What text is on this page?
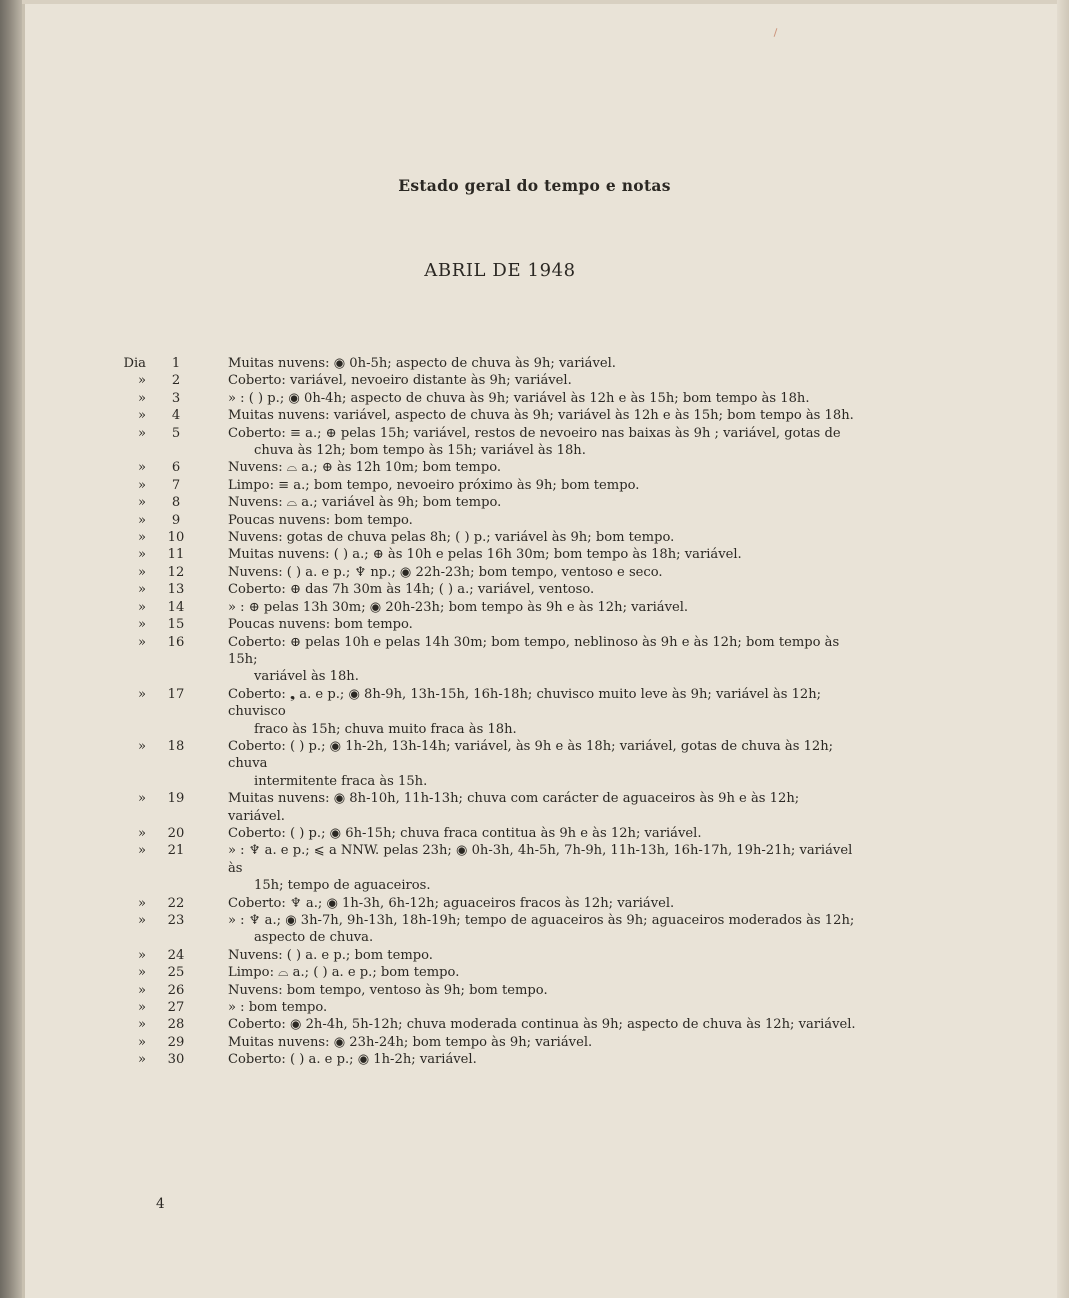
Estado geral do tempo e notas
ABRIL DE 1948
Dia	1	Muitas nuvens: ◉ 0h-5h; aspecto de chuva às 9h; variável.
»	2	Coberto: variável, nevoeiro distante às 9h; variável.
»	3	» : ( ) p.; ◉ 0h-4h; aspecto de chuva às 9h; variável às 12h e às 15h; bom tempo às 18h.
»	4	Muitas nuvens: variável, aspecto de chuva às 9h; variável às 12h e às 15h; bom tempo às 18h.
»	5	Coberto: ≡ a.; ⊕ pelas 15h; variável, restos de nevoeiro nas baixas às 9h ; variável, gotas de
chuva às 12h; bom tempo às 15h; variável às 18h.
»	6	Nuvens: ⌓ a.; ⊕ às 12h 10m; bom tempo.
»	7	Limpo: ≡ a.; bom tempo, nevoeiro próximo às 9h; bom tempo.
»	8	Nuvens: ⌓ a.; variável às 9h; bom tempo.
»	9	Poucas nuvens: bom tempo.
»	10	Nuvens: gotas de chuva pelas 8h; ( ) p.; variável às 9h; bom tempo.
»	11	Muitas nuvens: ( ) a.; ⊕ às 10h e pelas 16h 30m; bom tempo às 18h; variável.
»	12	Nuvens: ( ) a. e p.; ♆ np.; ◉ 22h-23h; bom tempo, ventoso e seco.
»	13	Coberto: ⊕ das 7h 30m às 14h; ( ) a.; variável, ventoso.
»	14	» : ⊕ pelas 13h 30m; ◉ 20h-23h; bom tempo às 9h e às 12h; variável.
»	15	Poucas nuvens: bom tempo.
»	16	Coberto: ⊕ pelas 10h e pelas 14h 30m; bom tempo, neblinoso às 9h e às 12h; bom tempo às 15h;
variável às 18h.
»	17	Coberto: ❟ a. e p.; ◉ 8h-9h, 13h-15h, 16h-18h; chuvisco muito leve às 9h; variável às 12h; chuvisco
fraco às 15h; chuva muito fraca às 18h.
»	18	Coberto: ( ) p.; ◉ 1h-2h, 13h-14h; variável, às 9h e às 18h; variável, gotas de chuva às 12h; chuva
intermitente fraca às 15h.
»	19	Muitas nuvens: ◉ 8h-10h, 11h-13h; chuva com carácter de aguaceiros às 9h e às 12h; variável.
»	20	Coberto: ( ) p.; ◉ 6h-15h; chuva fraca contitua às 9h e às 12h; variável.
»	21	» : ♆ a. e p.; ⩽ a NNW. pelas 23h; ◉ 0h-3h, 4h-5h, 7h-9h, 11h-13h, 16h-17h, 19h-21h; variável às
15h; tempo de aguaceiros.
»	22	Coberto: ♆ a.; ◉ 1h-3h, 6h-12h; aguaceiros fracos às 12h; variável.
»	23	» : ♆ a.; ◉ 3h-7h, 9h-13h, 18h-19h; tempo de aguaceiros às 9h; aguaceiros moderados às 12h;
aspecto de chuva.
»	24	Nuvens: ( ) a. e p.; bom tempo.
»	25	Limpo: ⌓ a.; ( ) a. e p.; bom tempo.
»	26	Nuvens: bom tempo, ventoso às 9h; bom tempo.
»	27	» : bom tempo.
»	28	Coberto: ◉ 2h-4h, 5h-12h; chuva moderada continua às 9h; aspecto de chuva às 12h; variável.
»	29	Muitas nuvens: ◉ 23h-24h; bom tempo às 9h; variável.
»	30	Coberto: ( ) a. e p.; ◉ 1h-2h; variável.
4
